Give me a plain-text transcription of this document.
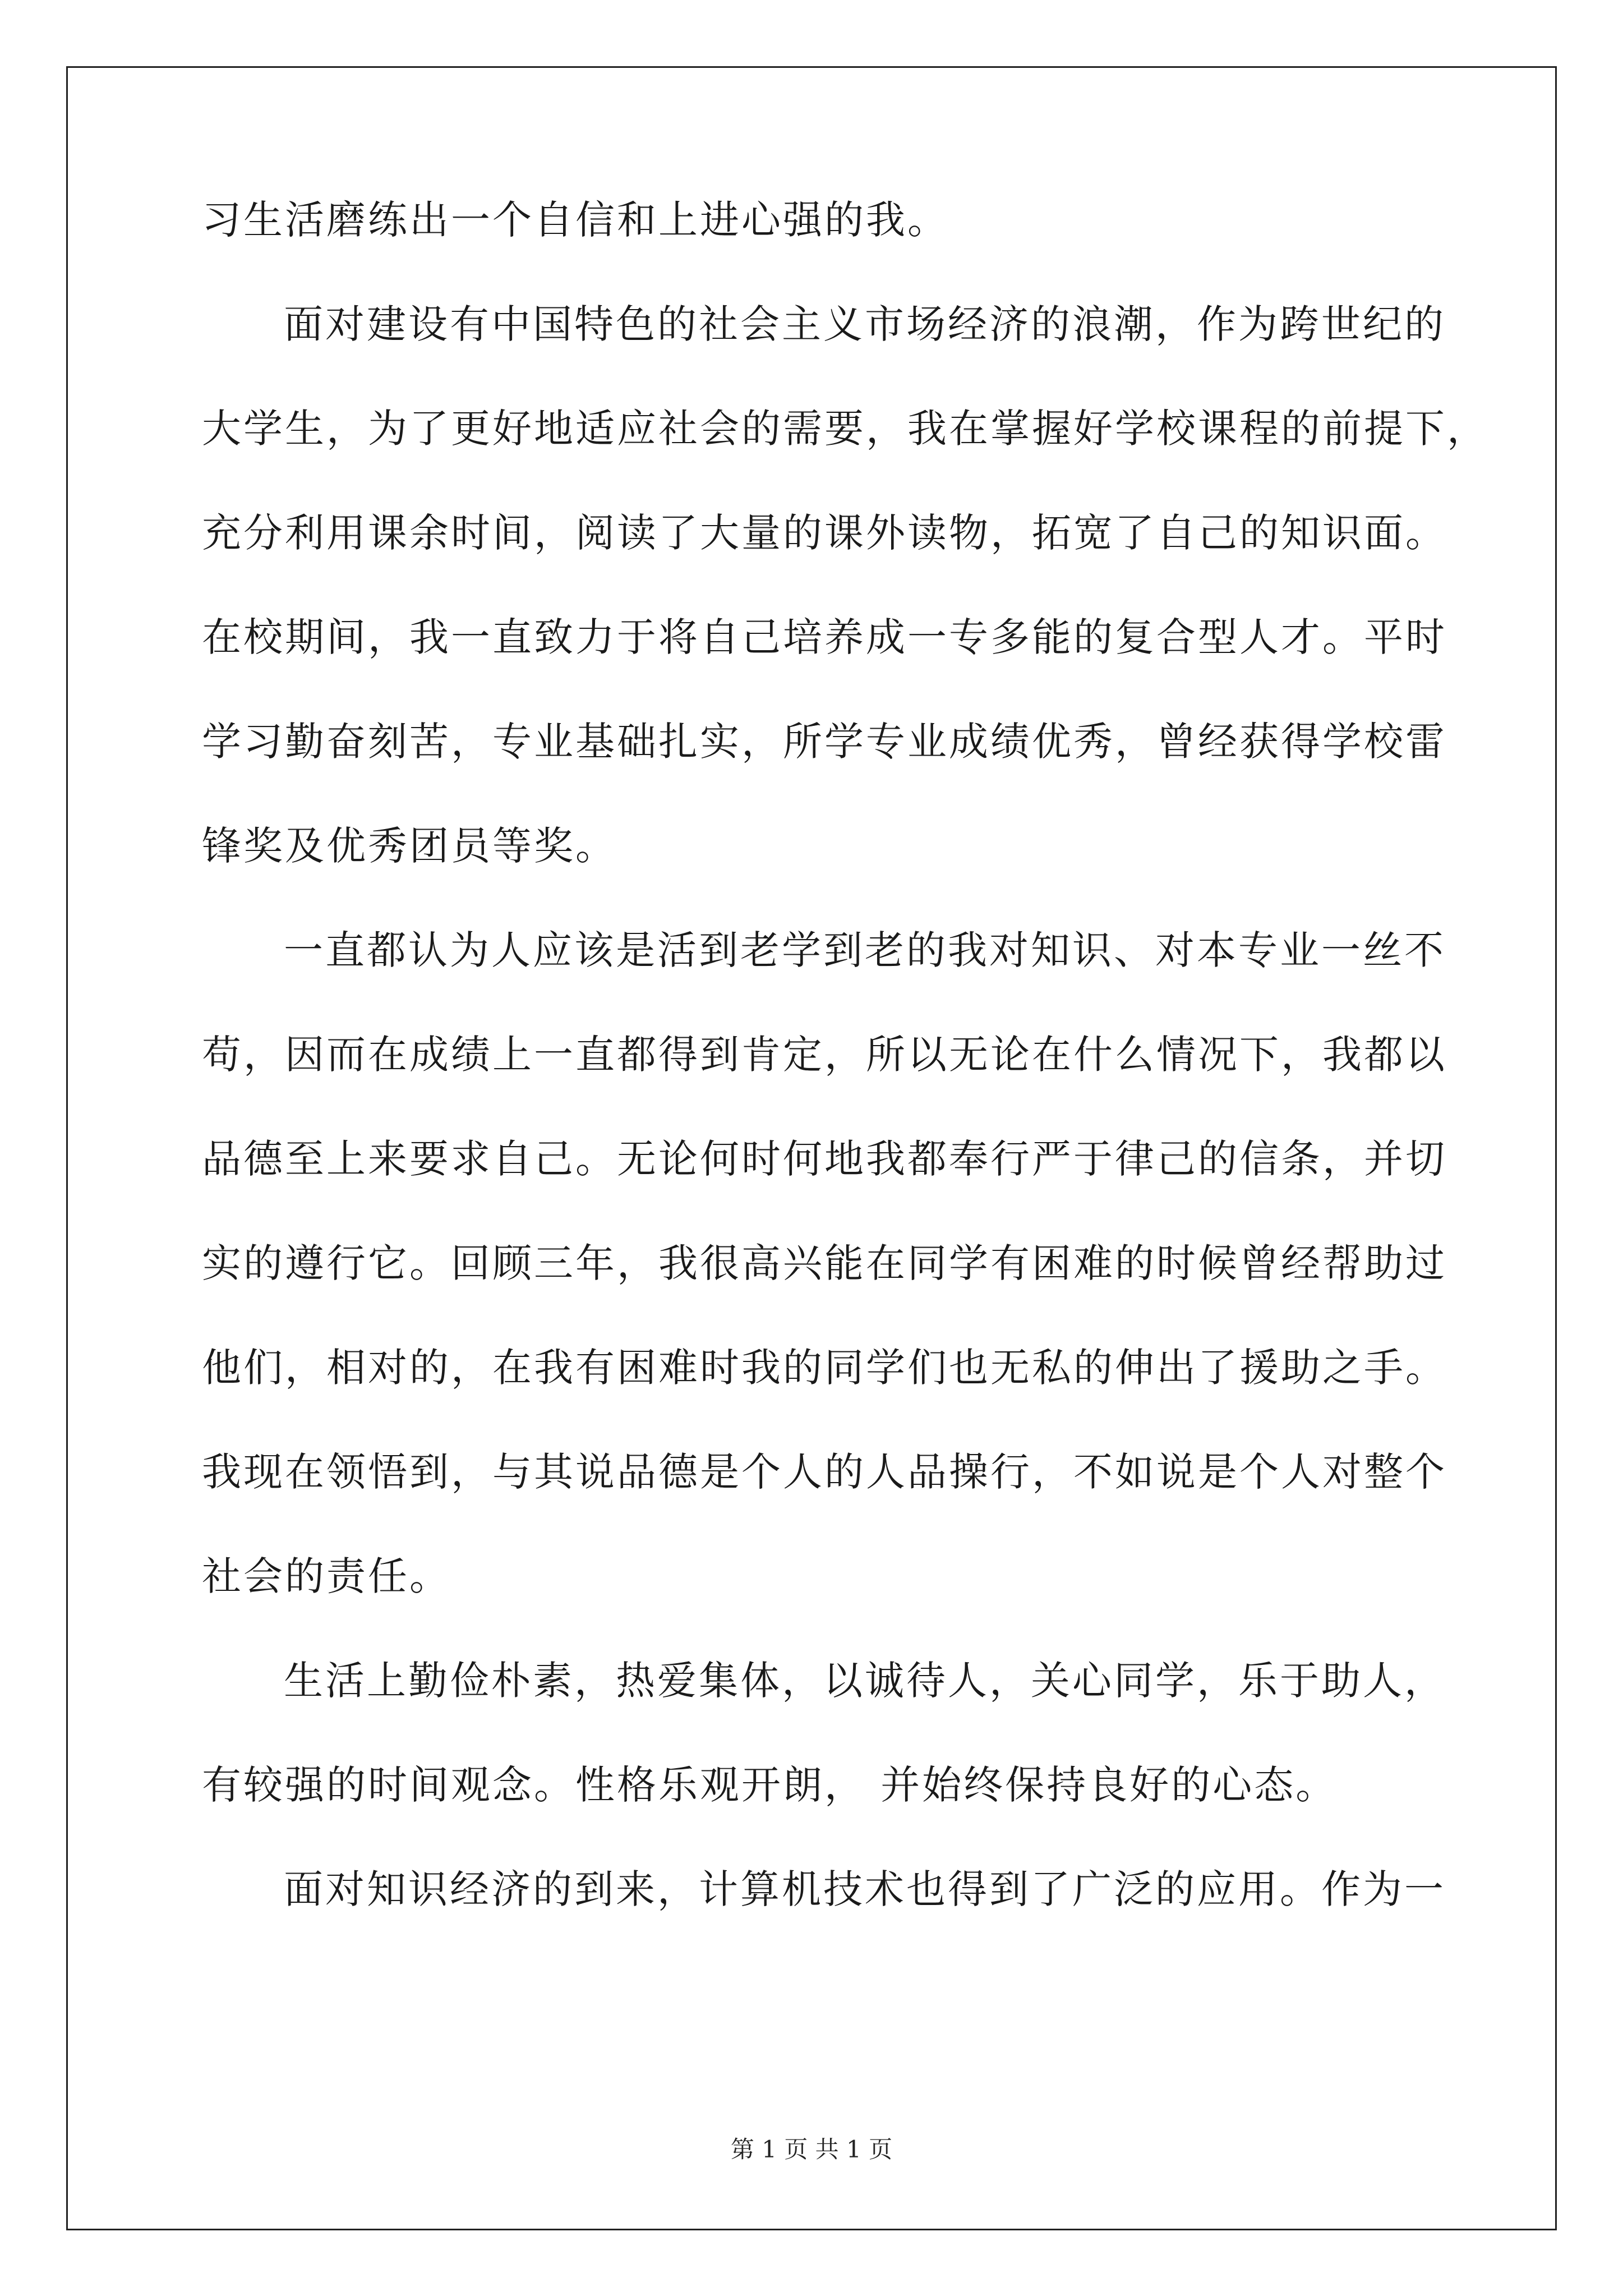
习生活磨练出一个自信和上进心强的我。
面对建设有中国特色的社会主义市场经济的浪潮，作为跨世纪的
大学生，为了更好地适应社会的需要，我在掌握好学校课程的前提下，
充分利用课余时间，阅读了大量的课外读物，拓宽了自己的知识面。
在校期间，我一直致力于将自己培养成一专多能的复合型人才。平时
学习勤奋刻苦，专业基础扎实，所学专业成绩优秀，曾经获得学校雷
锋奖及优秀团员等奖。
一直都认为人应该是活到老学到老的我对知识、对本专业一丝不
苟，因而在成绩上一直都得到肯定，所以无论在什么情况下，我都以
品德至上来要求自己。无论何时何地我都奉行严于律己的信条，并切
实的遵行它。回顾三年，我很高兴能在同学有困难的时候曾经帮助过
他们，相对的，在我有困难时我的同学们也无私的伸出了援助之手。
我现在领悟到，与其说品德是个人的人品操行，不如说是个人对整个
社会的责任。
生活上勤俭朴素，热爱集体，以诚待人，关心同学，乐于助人，
有较强的时间观念。性格乐观开朗， 并始终保持良好的心态。
面对知识经济的到来，计算机技术也得到了广泛的应用。作为一
第 1 页 共 1 页
